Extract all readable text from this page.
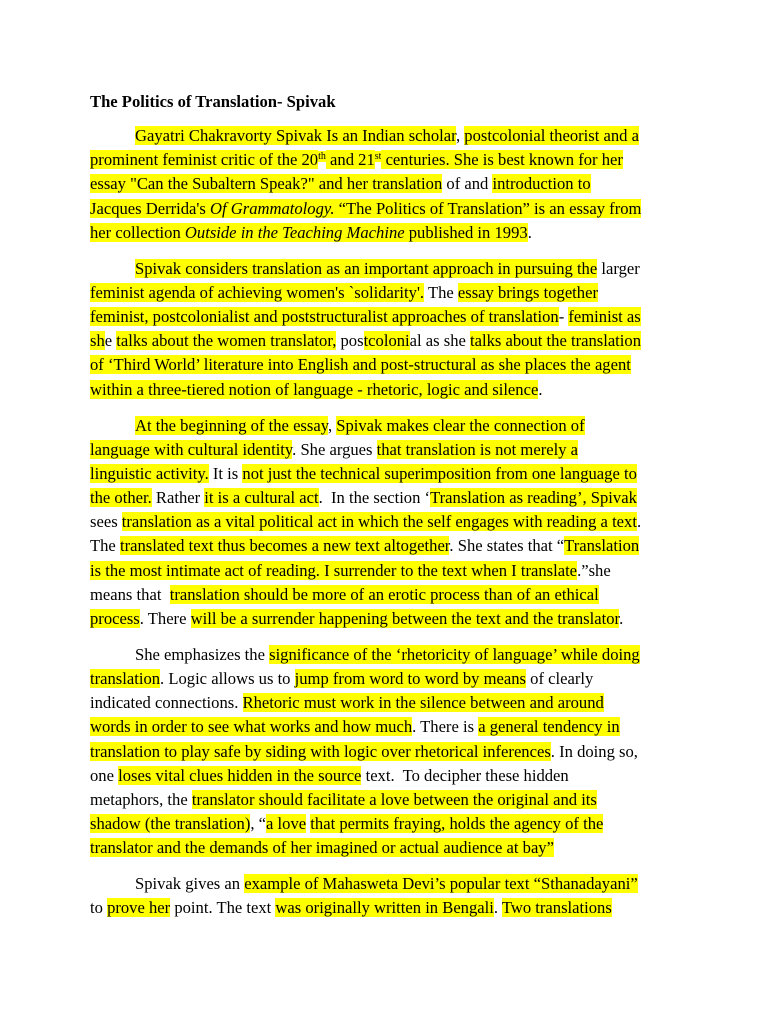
The Politics of Translation- Spivak
Gayatri Chakravorty Spivak Is an Indian scholar, postcolonial theorist and a
prominent feminist critic of the 20th and 21st centuries. She is best known for her
essay "Can the Subaltern Speak?" and her translation of and introduction to
Jacques Derrida's Of Grammatology. “The Politics of Translation” is an essay from
her collection Outside in the Teaching Machine published in 1993.
Spivak considers translation as an important approach in pursuing the larger
feminist agenda of achieving women's `solidarity'. The essay brings together
feminist, postcolonialist and poststructuralist approaches of translation- feminist as
she talks about the women translator, postcolonial as she talks about the translation
of ‘Third World’ literature into English and post-structural as she places the agent
within a three-tiered notion of language - rhetoric, logic and silence.
At the beginning of the essay, Spivak makes clear the connection of
language with cultural identity. She argues that translation is not merely a
linguistic activity. It is not just the technical superimposition from one language to
the other. Rather it is a cultural act.  In the section ‘Translation as reading’, Spivak
sees translation as a vital political act in which the self engages with reading a text.
The translated text thus becomes a new text altogether. She states that “Translation
is the most intimate act of reading. I surrender to the text when I translate.”she
means that  translation should be more of an erotic process than of an ethical
process. There will be a surrender happening between the text and the translator.
She emphasizes the significance of the ‘rhetoricity of language’ while doing
translation. Logic allows us to jump from word to word by means of clearly
indicated connections. Rhetoric must work in the silence between and around
words in order to see what works and how much. There is a general tendency in
translation to play safe by siding with logic over rhetorical inferences. In doing so,
one loses vital clues hidden in the source text.  To decipher these hidden
metaphors, the translator should facilitate a love between the original and its
shadow (the translation), “a love that permits fraying, holds the agency of the
translator and the demands of her imagined or actual audience at bay”
Spivak gives an example of Mahasweta Devi’s popular text “Sthanadayani”
to prove her point. The text was originally written in Bengali. Two translations
